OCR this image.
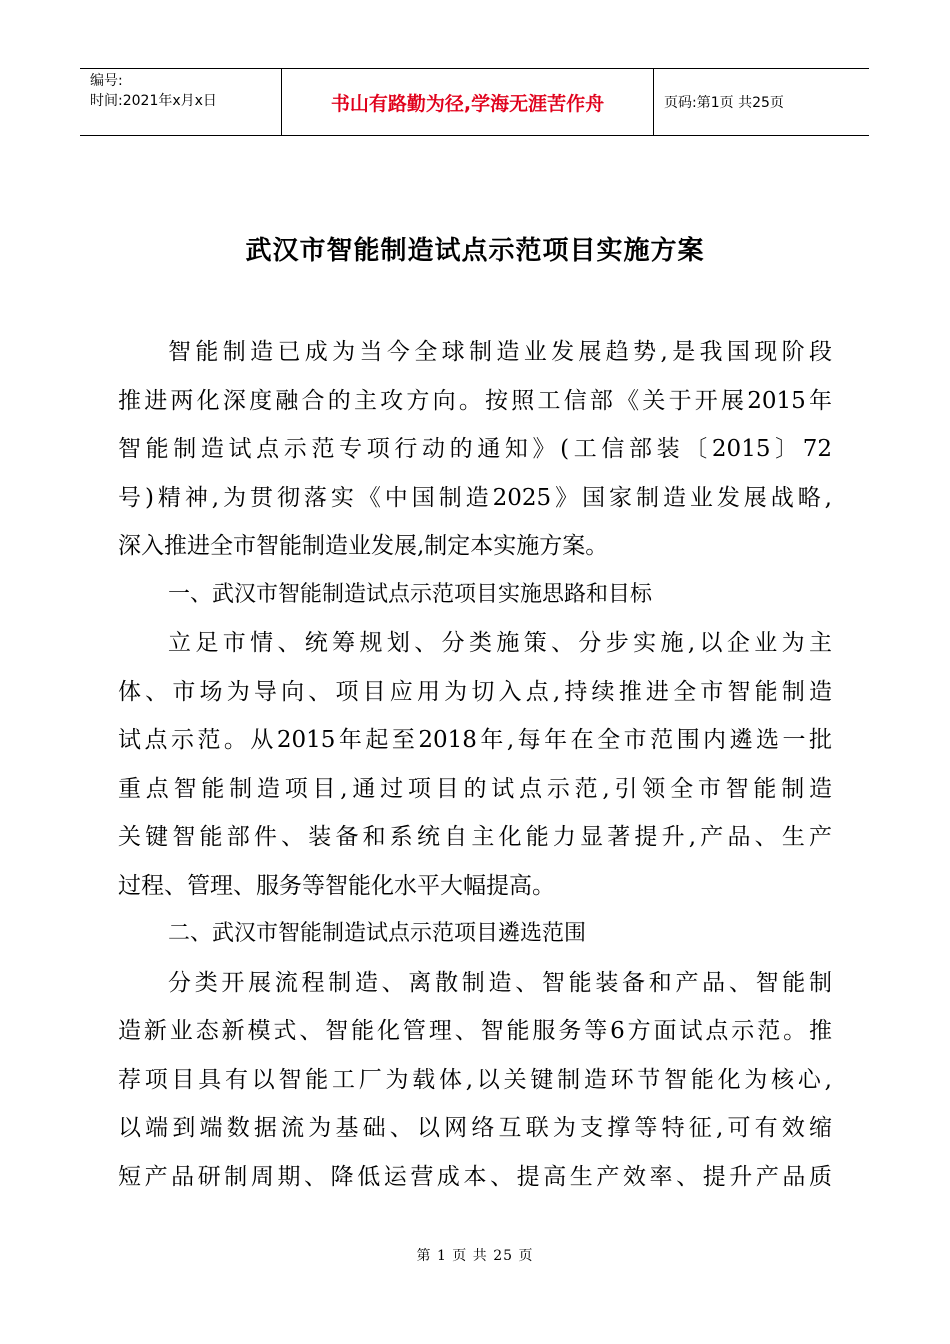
编号:
时间:2021年x月x日	书山有路勤为径,学海无涯苦作舟	页码:第1页 共25页
武汉市智能制造试点示范项目实施方案
智能制造已成为当今全球制造业发展趋势,是我国现阶段
推进两化深度融合的主攻方向。按照工信部《关于开展2015年
智能制造试点示范专项行动的通知》(工信部装〔2015〕72
号)精神,为贯彻落实《中国制造2025》国家制造业发展战略,
深入推进全市智能制造业发展,制定本实施方案。
一、武汉市智能制造试点示范项目实施思路和目标
立足市情、统筹规划、分类施策、分步实施,以企业为主
体、市场为导向、项目应用为切入点,持续推进全市智能制造
试点示范。从2015年起至2018年,每年在全市范围内遴选一批
重点智能制造项目,通过项目的试点示范,引领全市智能制造
关键智能部件、装备和系统自主化能力显著提升,产品、生产
过程、管理、服务等智能化水平大幅提高。
二、武汉市智能制造试点示范项目遴选范围
分类开展流程制造、离散制造、智能装备和产品、智能制
造新业态新模式、智能化管理、智能服务等6方面试点示范。推
荐项目具有以智能工厂为载体,以关键制造环节智能化为核心,
以端到端数据流为基础、以网络互联为支撑等特征,可有效缩
短产品研制周期、降低运营成本、提高生产效率、提升产品质
第 1 页 共 25 页
